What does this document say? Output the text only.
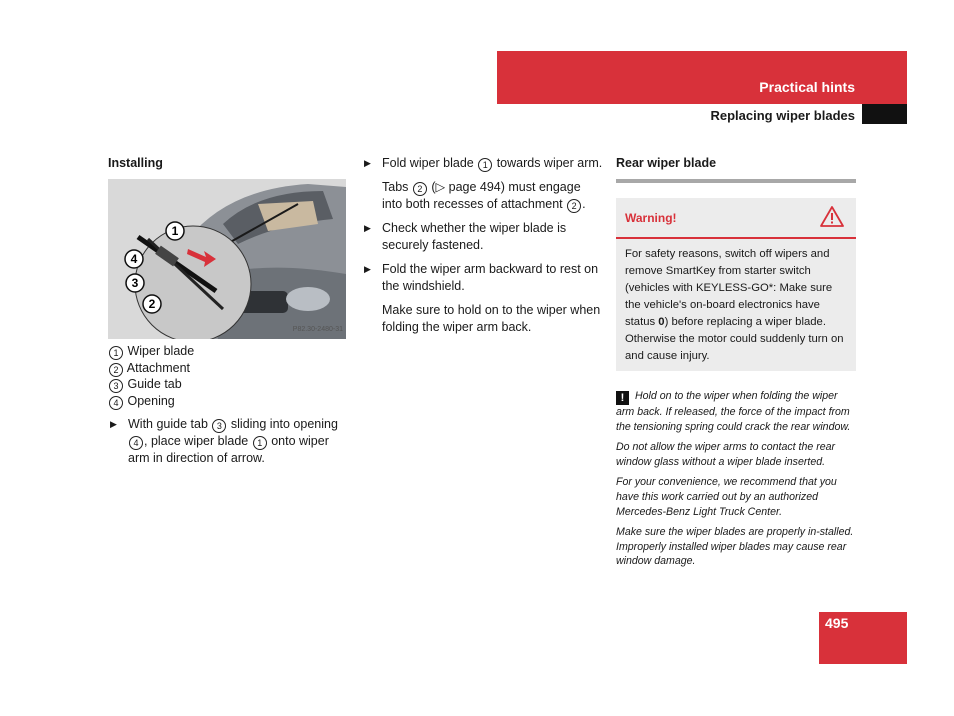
Practical hints
Replacing wiper blades
Installing
1
4
3
2
P82.30-2480-31
1 Wiper blade
2 Attachment
3 Guide tab
4 Opening

▶ With guide tab 3 sliding into opening 4 , place wiper blade 1 onto wiper arm in direction of arrow.

▶ Fold wiper blade 1 towards wiper arm.

Tabs 2 (▷ page 494) must engage into both recesses of attachment 2 .

▶ Check whether the wiper blade is securely fastened.

▶ Fold the wiper arm backward to rest on the windshield.

Make sure to hold on to the wiper when folding the wiper arm back.

Rear wiper blade
Warning!
For safety reasons, switch off wipers and remove SmartKey from starter switch (vehicles with KEYLESS-GO*: Make sure the vehicle's on-board electronics have status 0) before replacing a wiper blade. Otherwise the motor could suddenly turn on and cause injury.

! Hold on to the wiper when folding the wiper arm back. If released, the force of the impact from the tensioning spring could crack the rear window.

Do not allow the wiper arms to contact the rear window glass without a wiper blade inserted.

For your convenience, we recommend that you have this work carried out by an authorized Mercedes-Benz Light Truck Center.

Make sure the wiper blades are properly in-stalled. Improperly installed wiper blades may cause rear window damage.

495
